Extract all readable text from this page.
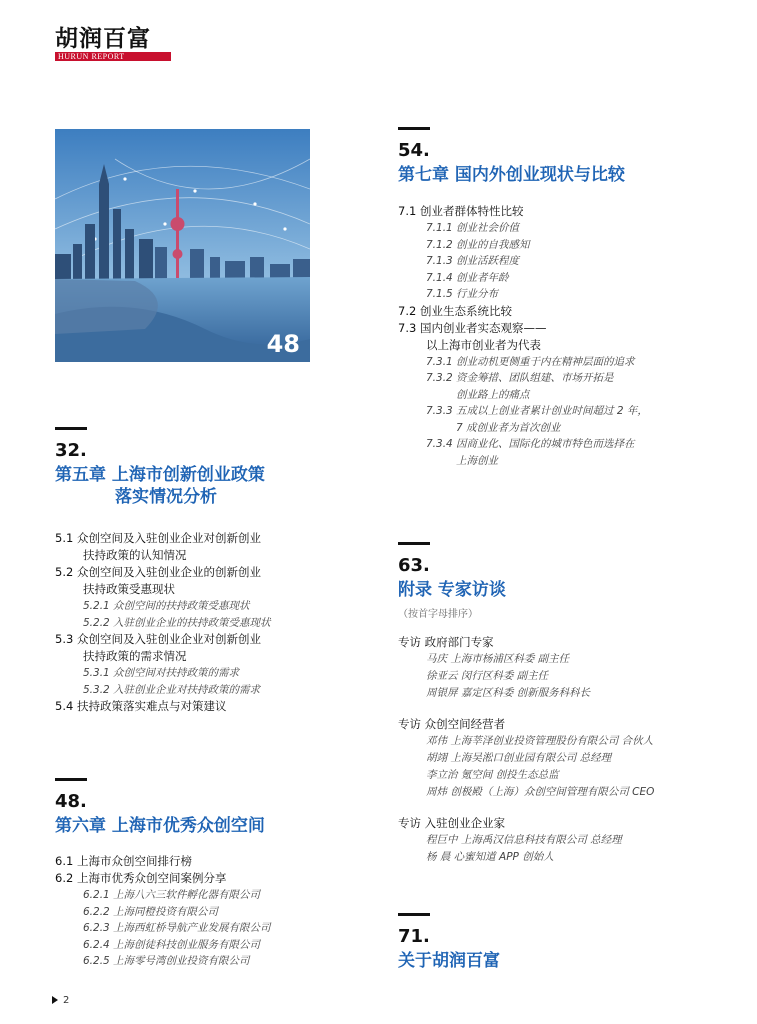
胡润百富
HURUN REPORT
48
32.
第五章 上海市创新创业政策
落实情况分析
5.1 众创空间及入驻创业企业对创新创业
扶持政策的认知情况
5.2 众创空间及入驻创业企业的创新创业
扶持政策受惠现状
5.2.1 众创空间的扶持政策受惠现状
5.2.2 入驻创业企业的扶持政策受惠现状
5.3 众创空间及入驻创业企业对创新创业
扶持政策的需求情况
5.3.1 众创空间对扶持政策的需求
5.3.2 入驻创业企业对扶持政策的需求
5.4 扶持政策落实难点与对策建议
48.
第六章 上海市优秀众创空间
6.1 上海市众创空间排行榜
6.2 上海市优秀众创空间案例分享
6.2.1 上海八六三软件孵化器有限公司
6.2.2 上海同橙投资有限公司
6.2.3 上海西虹桥导航产业发展有限公司
6.2.4 上海创徒科技创业服务有限公司
6.2.5 上海零号湾创业投资有限公司
54.
第七章 国内外创业现状与比较
7.1 创业者群体特性比较
7.1.1 创业社会价值
7.1.2 创业的自我感知
7.1.3 创业活跃程度
7.1.4 创业者年龄
7.1.5 行业分布
7.2 创业生态系统比较
7.3 国内创业者实态观察——
以上海市创业者为代表
7.3.1 创业动机更侧重于内在精神层面的追求
7.3.2 资金筹措、团队组建、市场开拓是
创业路上的痛点
7.3.3 五成以上创业者累计创业时间超过 2 年，
7 成创业者为首次创业
7.3.4 因商业化、国际化的城市特色而选择在
上海创业
63.
附录 专家访谈
（按首字母排序）
专访 政府部门专家
马庆 上海市杨浦区科委 副主任
徐亚云 闵行区科委 副主任
周银屏 嘉定区科委 创新服务科科长
专访 众创空间经营者
邓伟 上海莘泽创业投资管理股份有限公司 合伙人
胡翊 上海吴淞口创业园有限公司 总经理
李立治 氪空间 创投生态总监
周炜 创极殿（上海）众创空间管理有限公司 CEO
专访 入驻创业企业家
程巨中 上海禹汉信息科技有限公司 总经理
杨 晨 心蜜知道 APP 创始人
71.
关于胡润百富
2
